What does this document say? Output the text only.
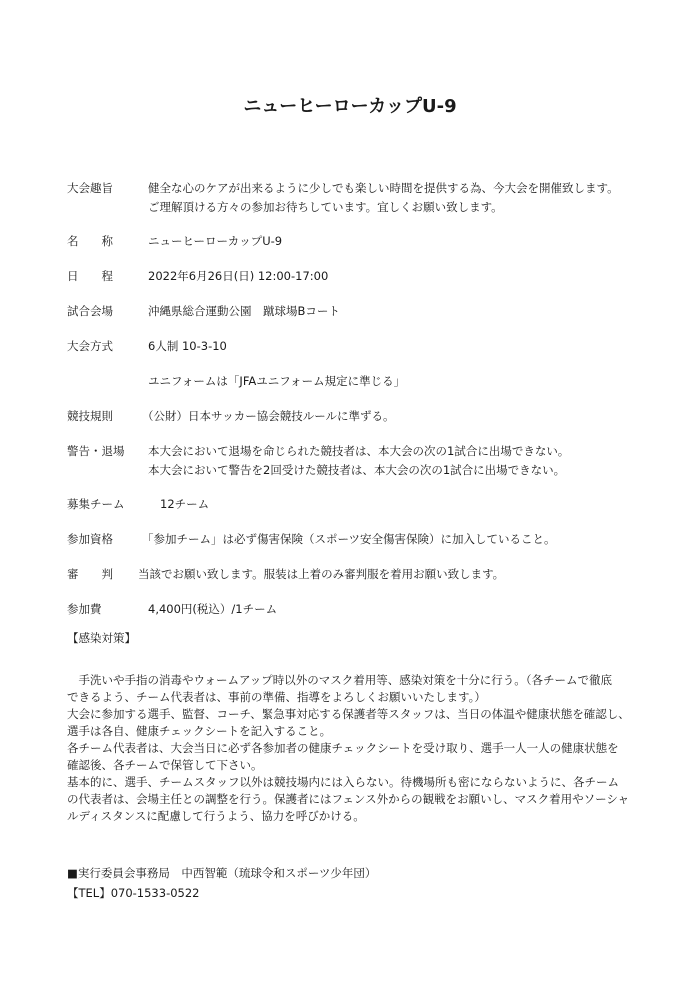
ニューヒーローカップU-9
大会趣旨	健全な心のケアが出来るように少しでも楽しい時間を提供する為、今大会を開催致します。
ご理解頂ける方々の参加お待ちしています。宜しくお願い致します。
名　　称	ニューヒーローカップU-9
日　　程	2022年6月26日(日) 12:00-17:00
試合会場	沖縄県総合運動公園　蹴球場Bコート
大会方式	6人制 10-3-10
ユニフォームは「JFAユニフォーム規定に準じる」
競技規則	（公財）日本サッカー協会競技ルールに準ずる。
警告・退場 本大会において退場を命じられた競技者は、本大会の次の1試合に出場できない。
本大会において警告を2回受けた競技者は、本大会の次の1試合に出場できない。
募集チーム	12チーム
参加資格	「参加チーム」は必ず傷害保険（スポーツ安全傷害保険）に加入していること。
審　　判 当該でお願い致します。服装は上着のみ審判服を着用お願い致します。
参加費	4,400円(税込）/1チーム
【感染対策】
　手洗いや手指の消毒やウォームアップ時以外のマスク着用等、感染対策を十分に行う。（各チームで徹底
できるよう、チーム代表者は、事前の準備、指導をよろしくお願いいたします。）
大会に参加する選手、監督、コーチ、緊急事対応する保護者等スタッフは、当日の体温や健康状態を確認し、
選手は各自、健康チェックシートを記入すること。
各チーム代表者は、大会当日に必ず各参加者の健康チェックシートを受け取り、選手一人一人の健康状態を
確認後、各チームで保管して下さい。
基本的に、選手、チームスタッフ以外は競技場内には入らない。待機場所も密にならないように、各チーム
の代表者は、会場主任との調整を行う。保護者にはフェンス外からの観戦をお願いし、マスク着用やソーシャ
ルディスタンスに配慮して行うよう、協力を呼びかける。
■実行委員会事務局　中西智範（琉球令和スポーツ少年団）
【TEL】070-1533-0522
